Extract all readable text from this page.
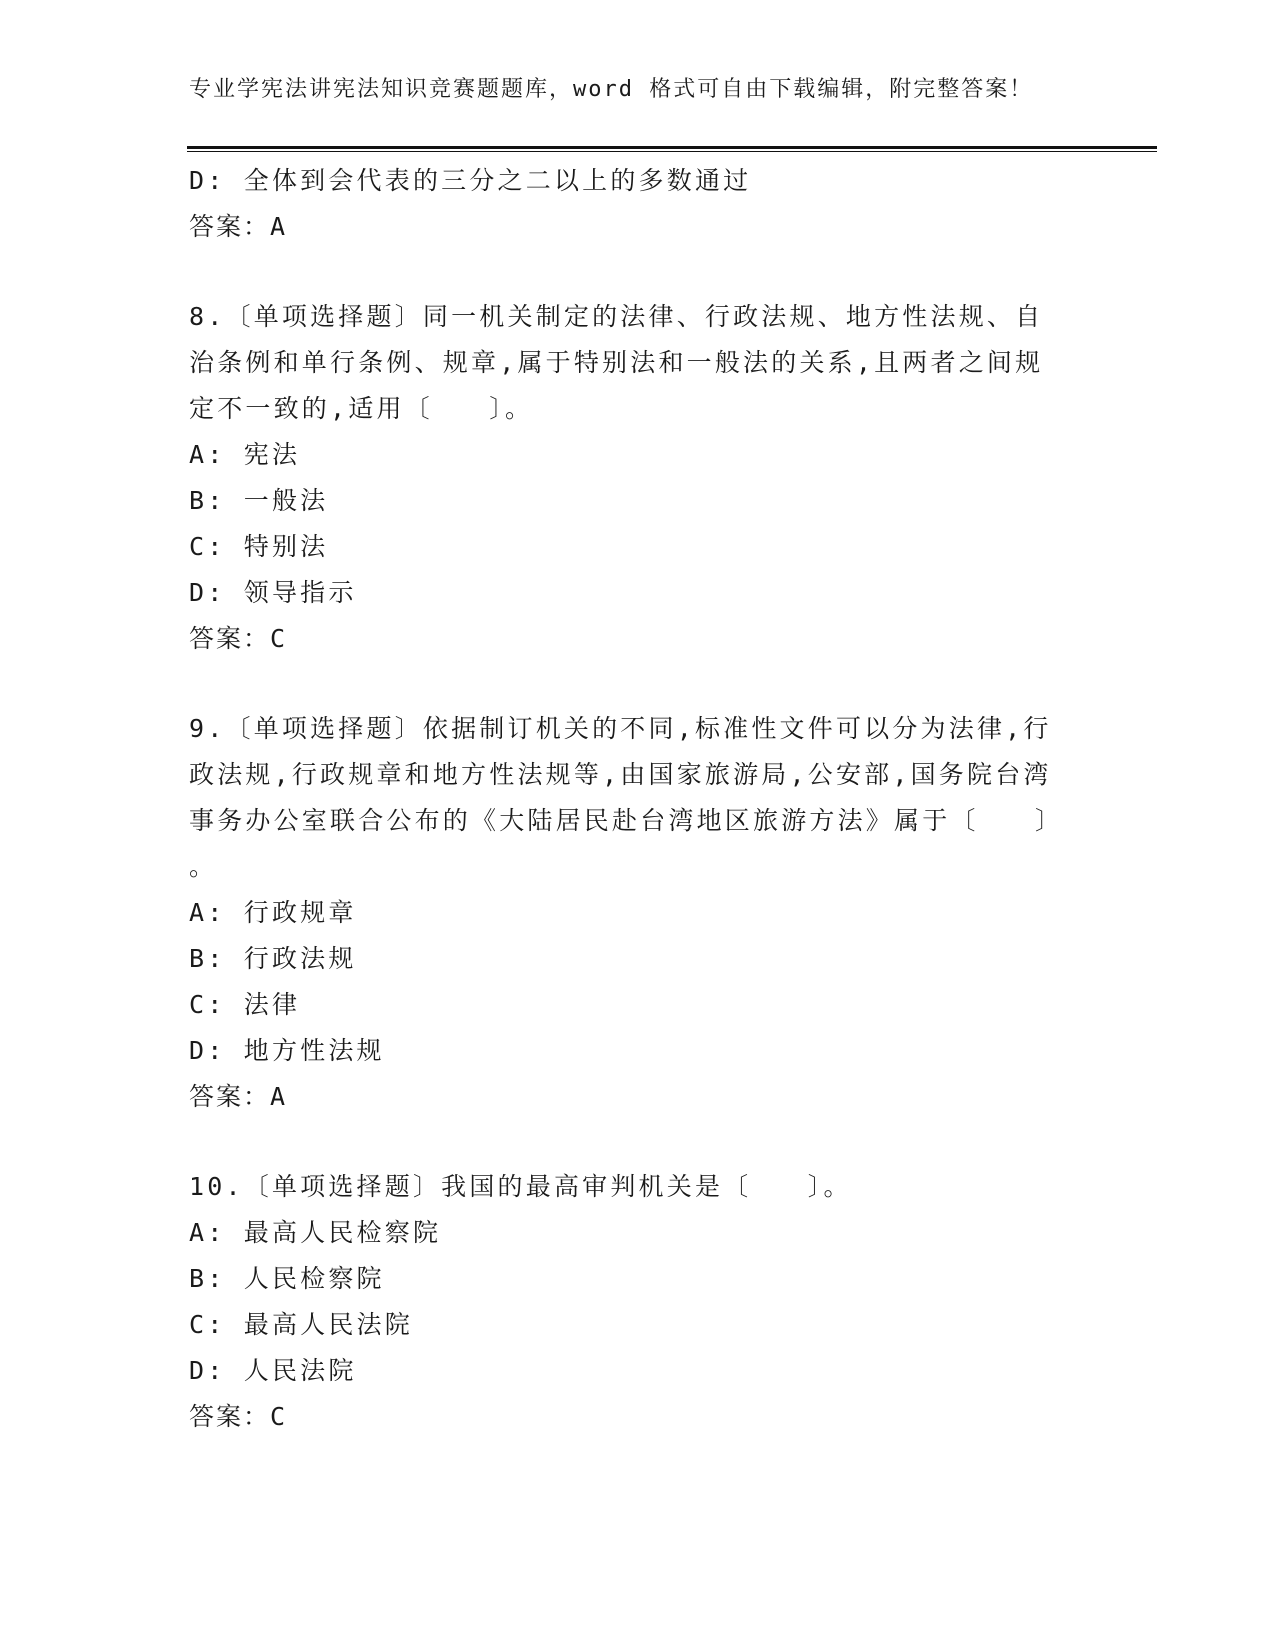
专业学宪法讲宪法知识竞赛题题库，word 格式可自由下载编辑，附完整答案！
D: 全体到会代表的三分之二以上的多数通过
答案：A
8.〔单项选择题〕同一机关制定的法律、行政法规、地方性法规、自
治条例和单行条例、规章,属于特别法和一般法的关系,且两者之间规
定不一致的,适用〔　　〕。
A: 宪法
B: 一般法
C: 特别法
D: 领导指示
答案：C
9.〔单项选择题〕依据制订机关的不同,标准性文件可以分为法律,行
政法规,行政规章和地方性法规等,由国家旅游局,公安部,国务院台湾
事务办公室联合公布的《大陆居民赴台湾地区旅游方法》属于〔　　〕
。
A: 行政规章
B: 行政法规
C: 法律
D: 地方性法规
答案：A
10.〔单项选择题〕我国的最高审判机关是〔　　〕。
A: 最高人民检察院
B: 人民检察院
C: 最高人民法院
D: 人民法院
答案：C
